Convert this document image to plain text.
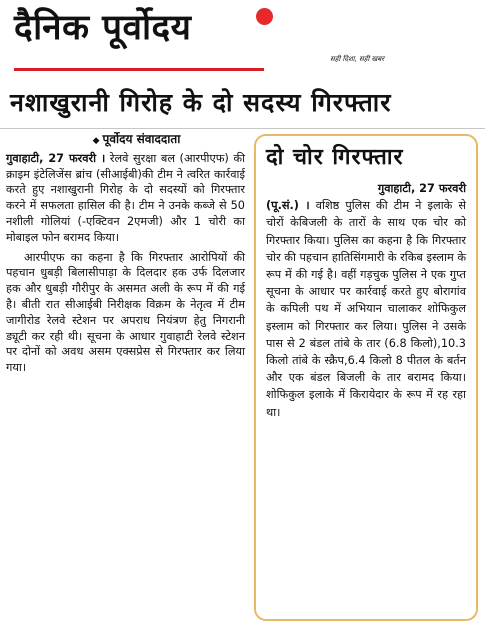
दैनिक पूर्वोदय
सही दिशा, सही खबर
नशाखुरानी गिरोह के दो सदस्य गिरफ्तार
◆ पूर्वोदय संवाददाता

गुवाहाटी, 27 फरवरी । रेलवे सुरक्षा बल (आरपीएफ) की क्राइम इंटेलिजेंस ब्रांच (सीआईबी)की टीम ने त्वरित कार्रवाई करते हुए नशाखुरानी गिरोह के दो सदस्यों को गिरफ्तार करने में सफलता हासिल की है। टीम ने उनके कब्जे से 50 नशीली गोलियां (-एक्टिवन 2एमजी) और 1 चोरी का मोबाइल फोन बरामद किया।

आरपीएफ का कहना है कि गिरफ्तार आरोपियों की पहचान धुबड़ी बिलासीपाड़ा के दिलदार हक उर्फ दिलजार हक और धुबड़ी गौरीपुर के असमत अली के रूप में की गई है। बीती रात सीआईबी निरीक्षक विक्रम के नेतृत्व में टीम जागीरोड रेलवे स्टेशन पर अपराध नियंत्रण हेतु निगरानी ड्यूटी कर रही थी। सूचना के आधार गुवाहाटी रेलवे स्टेशन पर दोनों को अवध असम एक्सप्रेस से गिरफ्तार कर लिया गया।

दो चोर गिरफ्तार
गुवाहाटी, 27 फरवरी
(पू.सं.) । वशिष्ठ पुलिस की टीम ने इलाके से चोरों केबिजली के तारों के साथ एक चोर को गिरफ्तार किया। पुलिस का कहना है कि गिरफ्तार चोर की पहचान हातिसिंगमारी के रकिब इस्लाम के रूप में की गई है। वहीं गड़चुक पुलिस ने एक गुप्त सूचना के आधार पर कार्रवाई करते हुए बोरागांव के कपिली पथ में अभियान चालाकर शोफिकुल इस्लाम को गिरफ्तार कर लिया। पुलिस ने उसके पास से 2 बंडल तांबे के तार (6.8 किलो),10.3 किलो तांबे के स्क्रैप,6.4 किलो 8 पीतल के बर्तन और एक बंडल बिजली के तार बरामद किया। शोफिकुल इलाके में किरायेदार के रूप में रह रहा था।
